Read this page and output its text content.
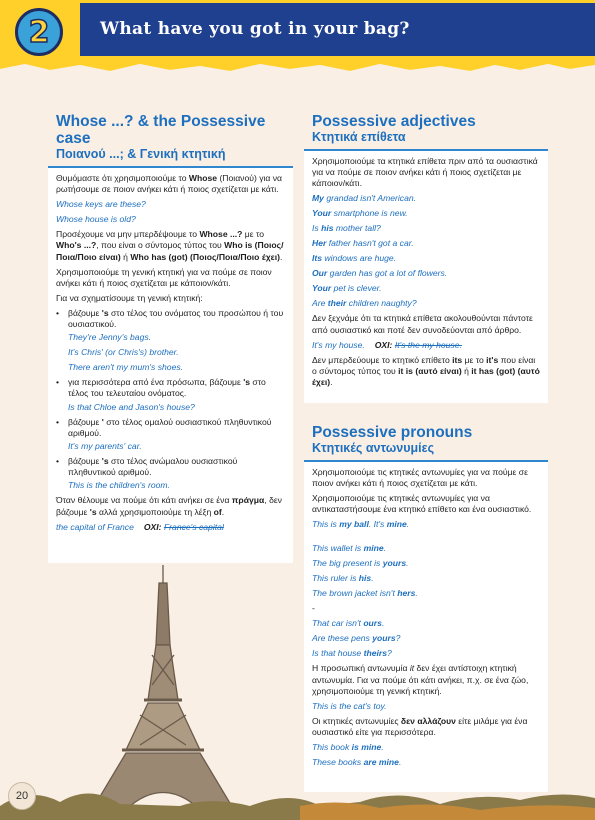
2	What have you got in your bag?
Whose ...? & the Possessive case
Ποιανού ...; & Γενική κτητική

Θυμόμαστε ότι χρησιμοποιούμε το Whose (Ποιανού) για να ρωτήσουμε σε ποιον ανήκει κάτι ή ποιος σχετίζεται με κάτι.

Whose keys are these?
Whose house is old?

Προσέχουμε να μην μπερδέψουμε το Whose ...? με το Who's ...?, που είναι ο σύντομος τύπος του Who is (Ποιος/Ποια/Ποιο είναι) ή Who has (got) (Ποιος/Ποια/Ποιο έχει).

Χρησιμοποιούμε τη γενική κτητική για να πούμε σε ποιον ανήκει κάτι ή ποιος σχετίζεται με κάποιον/κάτι.

Για να σχηματίσουμε τη γενική κτητική:

•	βάζουμε 's στο τέλος του ονόματος του προσώπου ή του ουσιαστικού.
They're Jenny's bags.
It's Chris' (or Chris's) brother.
There aren't my mum's shoes.
•	για περισσότερα από ένα πρόσωπα, βάζουμε 's στο τέλος του τελευταίου ονόματος.
Is that Chloe and Jason's house?
•	βάζουμε ' στο τέλος ομαλού ουσιαστικού πληθυντικού αριθμού.
It's my parents' car.
•	βάζουμε 's στο τέλος ανώμαλου ουσιαστικού πληθυντικού αριθμού.
This is the children's room.

Όταν θέλουμε να πούμε ότι κάτι ανήκει σε ένα πράγμα, δεν βάζουμε 's αλλά χρησιμοποιούμε τη λέξη of.

the capital of France OXI: France's capital
Possessive adjectives
Κτητικά επίθετα

Χρησιμοποιούμε τα κτητικά επίθετα πριν από τα ουσιαστικά για να πούμε σε ποιον ανήκει κάτι ή ποιος σχετίζεται με κάποιον/κάτι.

My grandad isn't American.
Your smartphone is new.
Is his mother tall?
Her father hasn't got a car.
Its windows are huge.
Our garden has got a lot of flowers.
Your pet is clever.
Are their children naughty?

Δεν ξεχνάμε ότι τα κτητικά επίθετα ακολουθούνται πάντοτε από ουσιαστικό και ποτέ δεν συνοδεύονται από άρθρο.

It's my house. OXI: It's the my house.

Δεν μπερδεύουμε το κτητικό επίθετο its με το it's που είναι ο σύντομος τύπος του it is (αυτό είναι) ή it has (got) (αυτό έχει).

Possessive pronouns
Κτητικές αντωνυμίες

Χρησιμοποιούμε τις κτητικές αντωνυμίες για να πούμε σε ποιον ανήκει κάτι ή ποιος σχετίζεται με κάτι.

Χρησιμοποιούμε τις κτητικές αντωνυμίες για να αντικαταστήσουμε ένα κτητικό επίθετο και ένα ουσιαστικό.

This is my ball. It's mine.
This wallet is mine.
The big present is yours.
This ruler is his.
The brown jacket isn't hers.

-

That car isn't ours.
Are these pens yours?
Is that house theirs?

Η προσωπική αντωνυμία it δεν έχει αντίστοιχη κτητική αντωνυμία. Για να πούμε ότι κάτι ανήκει, π.χ. σε ένα ζώο, χρησιμοποιούμε τη γενική κτητική.

This is the cat's toy.

Οι κτητικές αντωνυμίες δεν αλλάζουν είτε μιλάμε για ένα ουσιαστικό είτε για περισσότερα.

This book is mine.
These books are mine.
20
